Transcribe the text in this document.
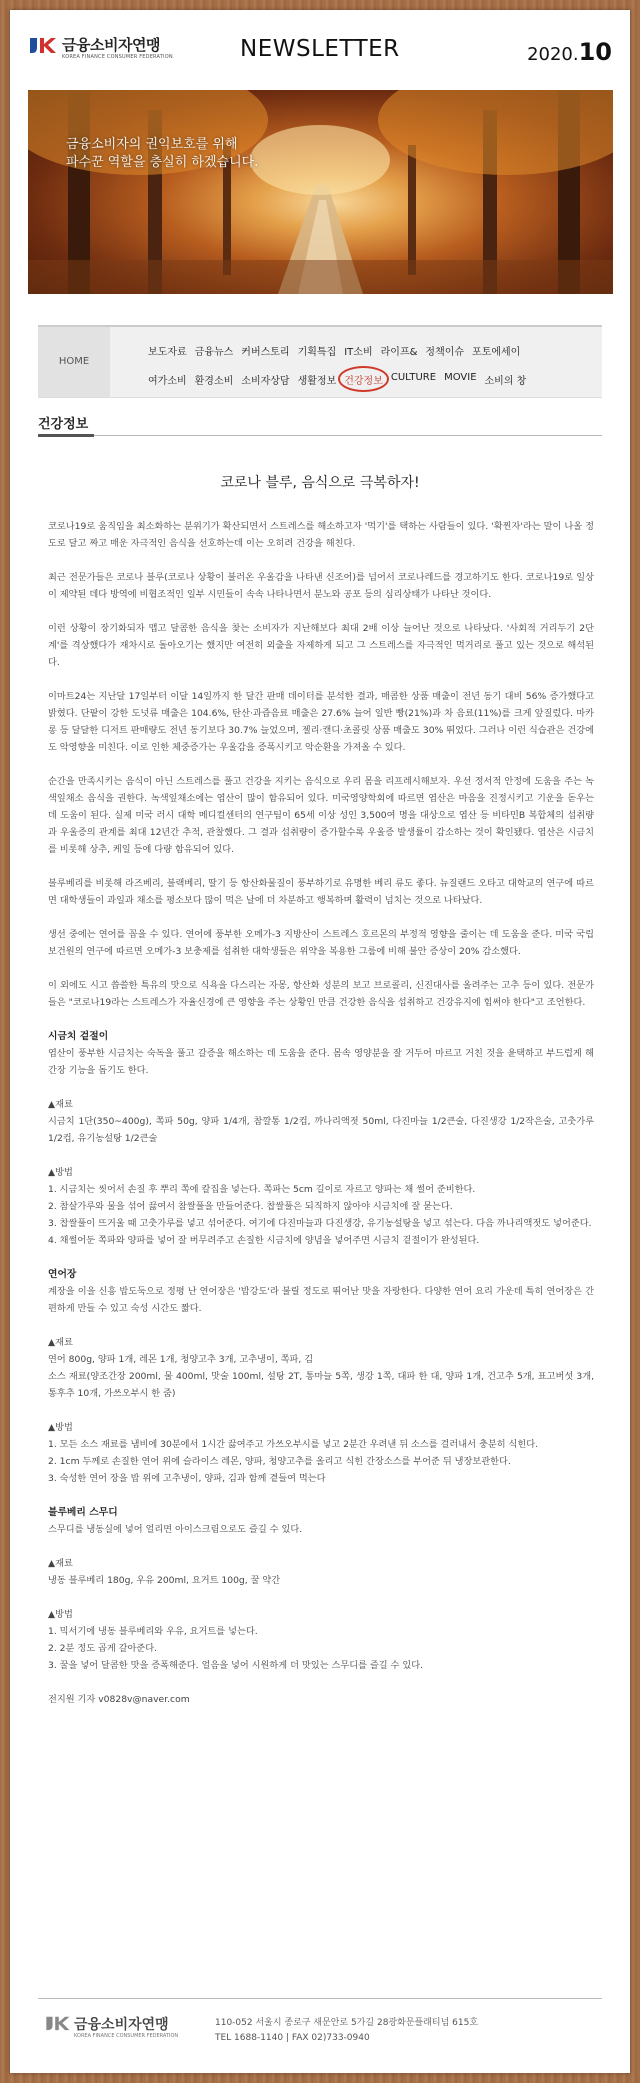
금융소비자연맹
KOREA FINANCE CONSUMER FEDERATION	NEWSLETTER	2020.10
금융소비자의 권익보호를 위해
파수꾼 역할을 충실히 하겠습니다.
HOME
보도자료 금융뉴스 커버스토리 기획특집 IT소비 라이프& 정책이슈 포토에세이
여가소비 환경소비 소비자상담 생활정보 건강정보 CULTURE MOVIE 소비의 창
건강정보
코로나 블루, 음식으로 극복하자!

코로나19로 움직임을 최소화하는 분위기가 확산되면서 스트레스를 해소하고자 '먹기'를 택하는 사람들이 있다. '확찐자'라는 말이 나올 정도로 달고 짜고 매운 자극적인 음식을 선호하는데 이는 오히려 건강을 해친다.

최근 전문가들은 코로나 블루(코로나 상황이 불러온 우울감을 나타낸 신조어)를 넘어서 코로나레드를 경고하기도 한다. 코로나19로 일상이 제약된 데다 방역에 비협조적인 일부 시민들이 속속 나타나면서 분노와 공포 등의 심리상태가 나타난 것이다.

이런 상황이 장기화되자 맵고 달콤한 음식을 찾는 소비자가 지난해보다 최대 2배 이상 늘어난 것으로 나타났다. '사회적 거리두기 2단계'를 격상했다가 재차시로 돌아오기는 했지만 여전히 외출을 자제하게 되고 그 스트레스를 자극적인 먹거리로 풀고 있는 것으로 해석된다.

이마트24는 지난달 17일부터 이달 14일까지 한 달간 판매 데이터를 분석한 결과, 매콤한 상품 매출이 전년 동기 대비 56% 증가했다고 밝혔다. 단팥이 강한 도넛류 매출은 104.6%, 탄산·과즙음료 매출은 27.6% 늘어 일반 빵(21%)과 차 음료(11%)를 크게 앞질렀다. 마카롱 등 달달한 디저트 판매량도 전년 동기보다 30.7% 늘었으며, 젤리·캔디·초콜릿 상품 매출도 30% 뛰었다. 그러나 이런 식습관은 건강에도 악영향을 미친다. 이로 인한 체중증가는 우울감을 증폭시키고 악순환을 가져올 수 있다.

순간을 만족시키는 음식이 아닌 스트레스를 풀고 건강을 지키는 음식으로 우리 몸을 리프레시해보자. 우선 정서적 안정에 도움을 주는 녹색잎채소 음식을 권한다. 녹색잎채소에는 엽산이 많이 함유되어 있다. 미국영양학회에 따르면 엽산은 마음을 진정시키고 기운을 돋우는 데 도움이 된다. 실제 미국 러시 대학 메디컬센터의 연구팀이 65세 이상 성인 3,500여 명을 대상으로 엽산 등 비타민B 복합체의 섭취량과 우울증의 관계를 최대 12년간 추적, 관찰했다. 그 결과 섭취량이 증가할수록 우울증 발생률이 감소하는 것이 확인됐다. 엽산은 시금치를 비롯해 상추, 케일 등에 다량 함유되어 있다.

블루베리를 비롯해 라즈베리, 블랙베리, 딸기 등 항산화물질이 풍부하기로 유명한 베리 류도 좋다. 뉴질랜드 오타고 대학교의 연구에 따르면 대학생들이 과일과 채소를 평소보다 많이 먹은 날에 더 차분하고 행복하며 활력이 넘치는 것으로 나타났다.

생선 중에는 연어를 꼽을 수 있다. 연어에 풍부한 오메가-3 지방산이 스트레스 호르몬의 부정적 영향을 줄이는 데 도움을 준다. 미국 국립보건원의 연구에 따르면 오메가-3 보충제를 섭취한 대학생들은 위약을 복용한 그룹에 비해 불안 증상이 20% 감소했다.

이 외에도 시고 씁쓸한 특유의 맛으로 식욕을 다스리는 자몽, 항산화 성분의 보고 브로콜리, 신진대사를 올려주는 고추 등이 있다. 전문가들은 "코로나19라는 스트레스가 자율신경에 큰 영향을 주는 상황인 만큼 건강한 음식을 섭취하고 건강유지에 힘써야 한다"고 조언한다.

시금치 겉절이

엽산이 풍부한 시금치는 숙독을 풀고 갈증을 해소하는 데 도움을 준다. 몸속 영양분을 잘 거두어 마르고 거친 것을 윤택하고 부드럽게 해 간장 기능을 돕기도 한다.

▲재료

시금치 1단(350~400g), 쪽파 50g, 양파 1/4개, 참깔통 1/2컵, 까나리액젓 50ml, 다진마늘 1/2큰술, 다진생강 1/2작은술, 고춧가루 1/2컵, 유기농설탕 1/2큰술

▲방법
1. 시금치는 씻어서 손질 후 뿌리 쪽에 칼집을 넣는다. 쪽파는 5cm 길이로 자르고 양파는 채 썰어 준비한다.
2. 참살가루와 물을 섞어 끓여서 참쌀풀을 만들어준다. 찹쌀풀은 되직하지 않아야 시금치에 잘 묻는다.
3. 찹쌀풀이 뜨거울 때 고춧가루를 넣고 섞어준다. 여기에 다진마늘과 다진생강, 유기농설탕을 넣고 섞는다. 다음 까나리액젓도 넣어준다.

4. 채썰어둔 쪽파와 양파를 넣어 잘 버무려주고 손질한 시금치에 양념을 넣어주면 시금치 겉절이가 완성된다.

연어장

계장을 이을 신흥 밥도둑으로 정평 난 연어장은 '밥강도'라 불릴 정도로 뛰어난 맛을 자랑한다. 다양한 연어 요리 가운데 특히 연어장은 간편하게 만들 수 있고 숙성 시간도 짧다.

▲재료
연어 800g, 양파 1개, 레몬 1개, 청양고추 3개, 고추냉이, 쪽파, 김

소스 재료(양조간장 200ml, 물 400ml, 맛술 100ml, 설탕 2T, 통마늘 5쪽, 생강 1쪽, 대파 한 대, 양파 1개, 건고추 5개, 표고버섯 3개, 통후추 10개, 가쓰오부시 한 줌)

▲방법
1. 모든 소스 재료를 냄비에 30분에서 1시간 끓여주고 가쓰오부시를 넣고 2분간 우려낸 뒤 소스를 걸러내서 충분히 식힌다.
2. 1cm 두께로 손질한 연어 위에 슬라이스 레몬, 양파, 청양고추를 올리고 식힌 간장소스를 부어준 뒤 냉장보관한다.

3. 숙성한 연어 장을 밥 위에 고추냉이, 양파, 김과 함께 곁들여 먹는다

블루베리 스무디

스무디를 냉동실에 넣어 얼리면 아이스크림으로도 즐길 수 있다.

▲재료

냉동 블루베리 180g, 우유 200ml, 요거트 100g, 꿀 약간

▲방법
1. 믹서기에 냉동 블루베리와 우유, 요거트를 넣는다.
2. 2분 정도 곱게 갈아준다.

3. 꿀을 넣어 달콤한 맛을 증폭해준다. 얼음을 넣어 시원하게 더 맛있는 스무디를 즐길 수 있다.

전지원 기자 v0828v@naver.com
금융소비자연맹
KOREA FINANCE CONSUMER FEDERATION
110-052 서울시 종로구 새문안로 5가길 28광화문플래티넘 615호
TEL 1688-1140 | FAX 02)733-0940
